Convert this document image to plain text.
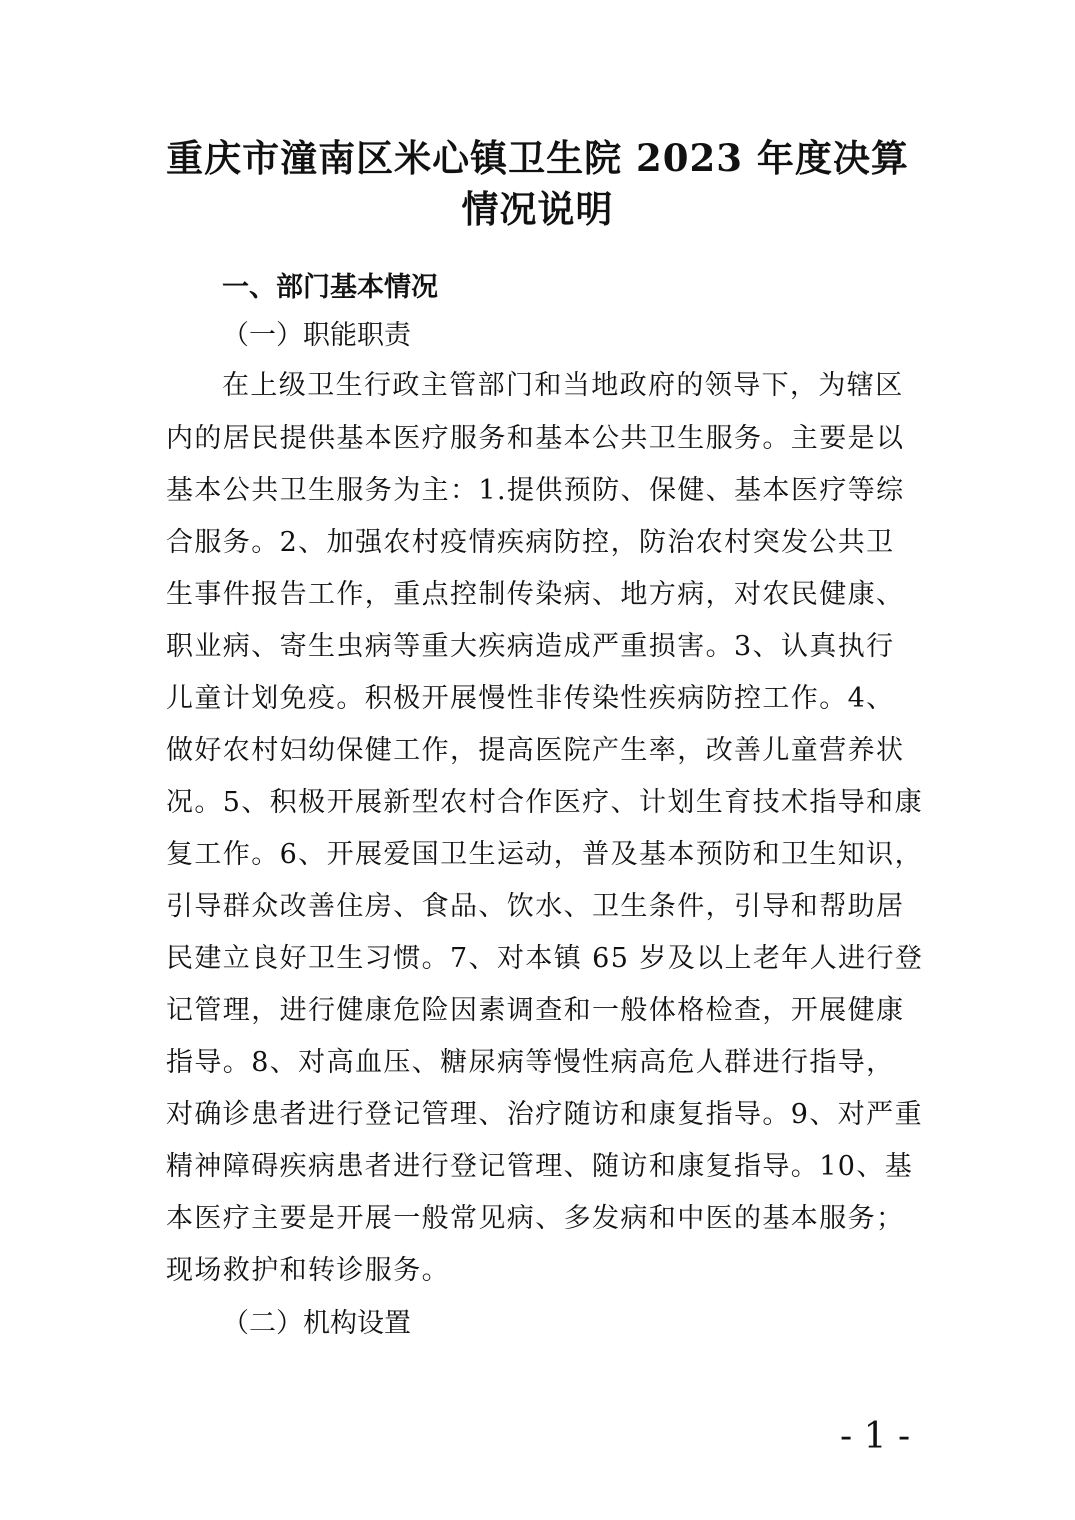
重庆市潼南区米心镇卫生院 2023 年度决算
情况说明
一、部门基本情况
（一）职能职责
在上级卫生行政主管部门和当地政府的领导下，为辖区
内的居民提供基本医疗服务和基本公共卫生服务。主要是以
基本公共卫生服务为主：1.提供预防、保健、基本医疗等综
合服务。2、加强农村疫情疾病防控，防治农村突发公共卫
生事件报告工作，重点控制传染病、地方病，对农民健康、
职业病、寄生虫病等重大疾病造成严重损害。3、认真执行
儿童计划免疫。积极开展慢性非传染性疾病防控工作。4、
做好农村妇幼保健工作，提高医院产生率，改善儿童营养状
况。5、积极开展新型农村合作医疗、计划生育技术指导和康
复工作。6、开展爱国卫生运动，普及基本预防和卫生知识，
引导群众改善住房、食品、饮水、卫生条件，引导和帮助居
民建立良好卫生习惯。7、对本镇 65 岁及以上老年人进行登
记管理，进行健康危险因素调查和一般体格检查，开展健康
指导。8、对高血压、糖尿病等慢性病高危人群进行指导，
对确诊患者进行登记管理、治疗随访和康复指导。9、对严重
精神障碍疾病患者进行登记管理、随访和康复指导。10、基
本医疗主要是开展一般常见病、多发病和中医的基本服务；
现场救护和转诊服务。
（二）机构设置
- 1 -
